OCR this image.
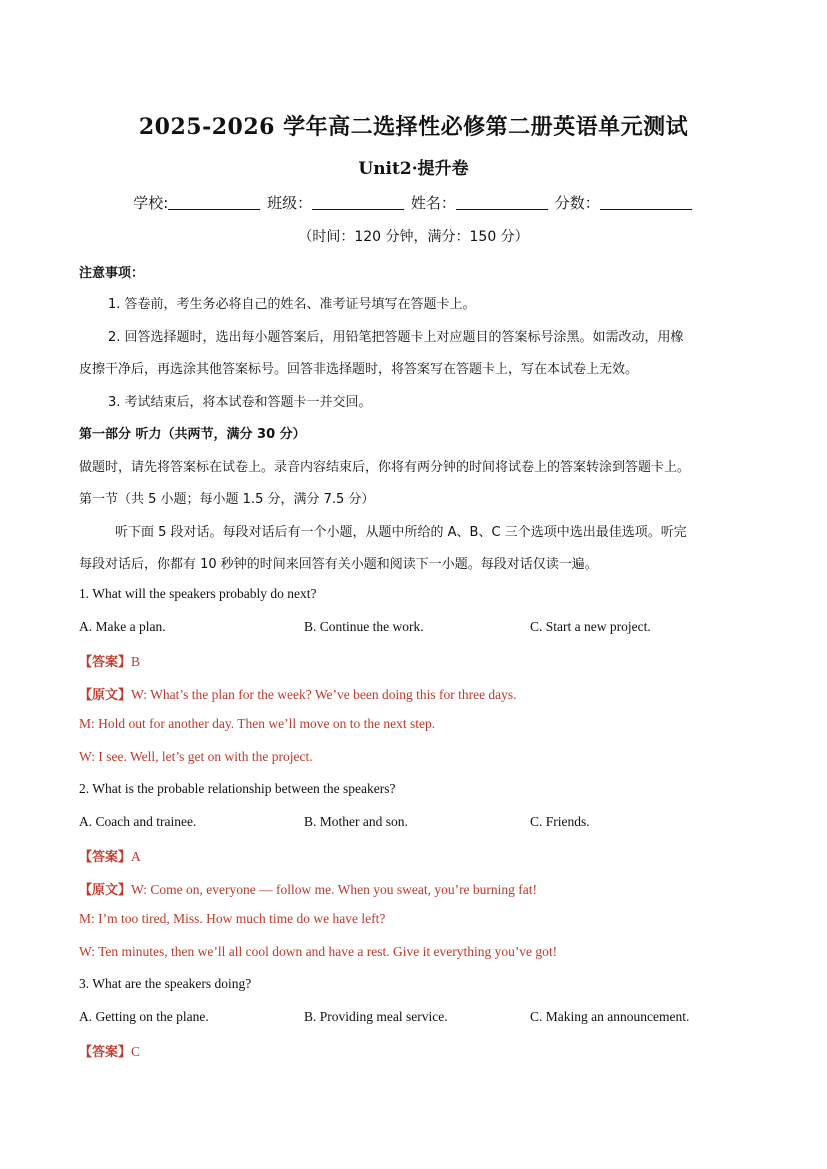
2025-2026 学年高二选择性必修第二册英语单元测试
Unit2·提升卷
学校:	班级：	姓名：	分数：
（时间：120 分钟，满分：150 分）
注意事项：
1. 答卷前，考生务必将自己的姓名、准考证号填写在答题卡上。
2. 回答选择题时，选出每小题答案后，用铅笔把答题卡上对应题目的答案标号涂黑。如需改动，用橡
皮擦干净后，再选涂其他答案标号。回答非选择题时，将答案写在答题卡上，写在本试卷上无效。
3. 考试结束后，将本试卷和答题卡一并交回。
第一部分 听力（共两节，满分 30 分）
做题时，请先将答案标在试卷上。录音内容结束后，你将有两分钟的时间将试卷上的答案转涂到答题卡上。
第一节（共 5 小题；每小题 1.5 分，满分 7.5 分）
听下面 5 段对话。每段对话后有一个小题，从题中所给的 A、B、C 三个选项中选出最佳选项。听完
每段对话后，你都有 10 秒钟的时间来回答有关小题和阅读下一小题。每段对话仅读一遍。
1. What will the speakers probably do next?
A. Make a plan.	B. Continue the work.	C. Start a new project.
【答案】B
【原文】W: What’s the plan for the week? We’ve been doing this for three days.
M: Hold out for another day. Then we’ll move on to the next step.
W: I see. Well, let’s get on with the project.
2. What is the probable relationship between the speakers?
A. Coach and trainee.	B. Mother and son.	C. Friends.
【答案】A
【原文】W: Come on, everyone — follow me. When you sweat, you’re burning fat!
M: I’m too tired, Miss. How much time do we have left?
W: Ten minutes, then we’ll all cool down and have a rest. Give it everything you’ve got!
3. What are the speakers doing?
A. Getting on the plane.	B. Providing meal service.	C. Making an announcement.
【答案】C
